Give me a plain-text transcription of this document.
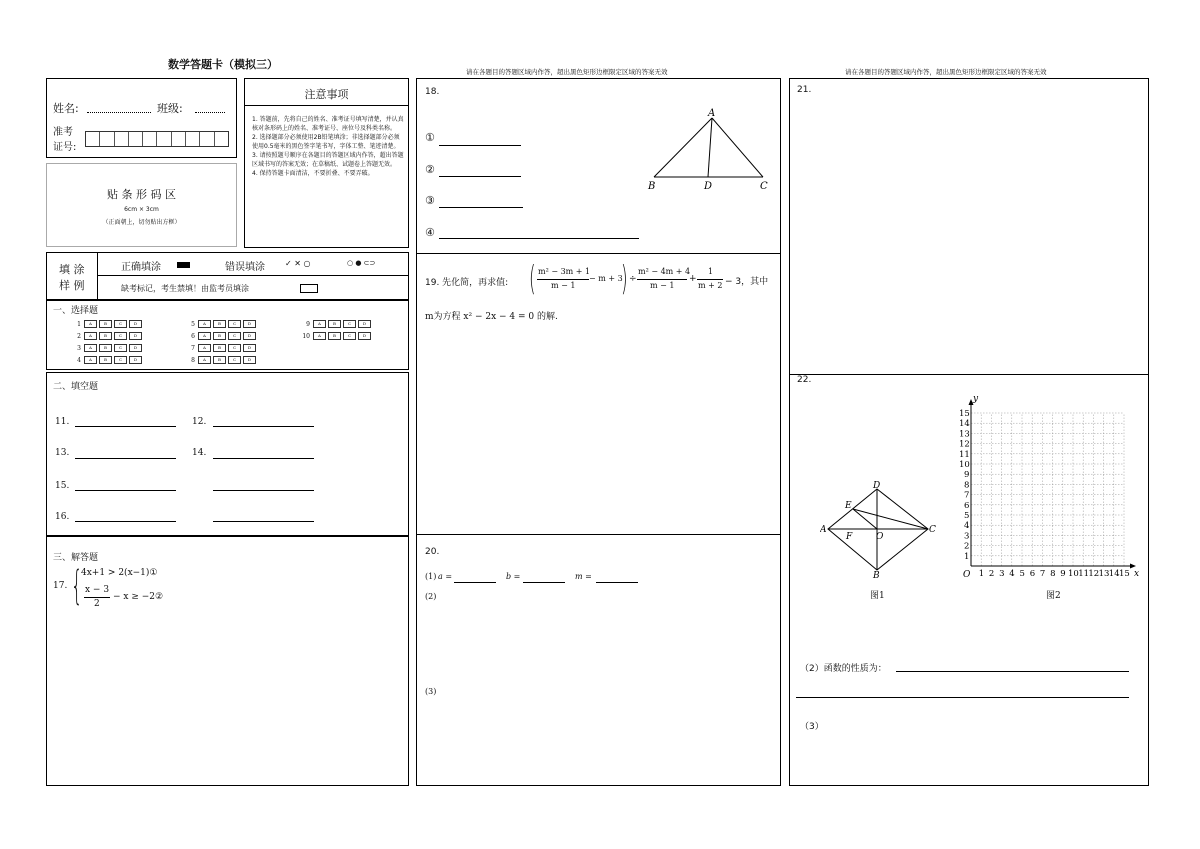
数学答题卡（模拟三）
请在各题目的答题区域内作答，超出黑色矩形边框限定区域的答案无效	请在各题目的答题区域内作答，超出黑色矩形边框限定区域的答案无效
姓名:	班级:
准考
证号:
贴 条 形 码 区
6cm × 3cm
（正面朝上，切勿贴出方框）
注意事项
1. 答题前，先将自己的姓名、准考证号填写清楚，并认真核对条形码上的姓名、准考证号、座位号及科类名称。
2. 选择题部分必须使用2B铅笔填涂；非选择题部分必须使用0.5毫米的黑色签字笔书写，字体工整、笔迹清楚。
3. 请按照题号顺序在各题目的答题区域内作答，超出答题区域书写的答案无效；在草稿纸、试题卷上答题无效。
4. 保持答题卡面清洁，不要折叠、不要弄破。
填 涂
样 例
正确填涂	错误填涂	✓ ✕ ○	○ ● ⊂⊃
缺考标记，考生禁填！由监考员填涂
一、选择题
1 A	B	C	D
2 A	B	C	D
3 A	B	C	D
4 A	B	C	D
5 A	B	C	D
6 A	B	C	D
7 A	B	C	D
8 A	B	C	D
9 A	B	C	D
10 A	B	C	D
二、填空题
11.	12.
13.	14.
15.
16.
三、解答题
17. {
4x+1 > 2(x−1)①
x − 3
2
− x ≥ −2②
18.
①
②
③
④
A
B	D	C
19. 先化简，再求值: ( m² − 3m + 1
m − 1
− m + 3
) ÷
m² − 4m + 4
m − 1
+
1
m + 2 − 3，其中
m为方程 x² − 2x − 4 = 0 的解.
20.
(1) a =	b =	m =
(2)
(3)
21.
22.
D
E
A
F	O
C
B
图1
1
1
2
2
3
3
4
4
5
5
6
6
7
7
8
8
9
9
10
10
11
11
12
12
13
13
14
14
15
15
O	x
y
图2
（2）函数的性质为：
（3）
